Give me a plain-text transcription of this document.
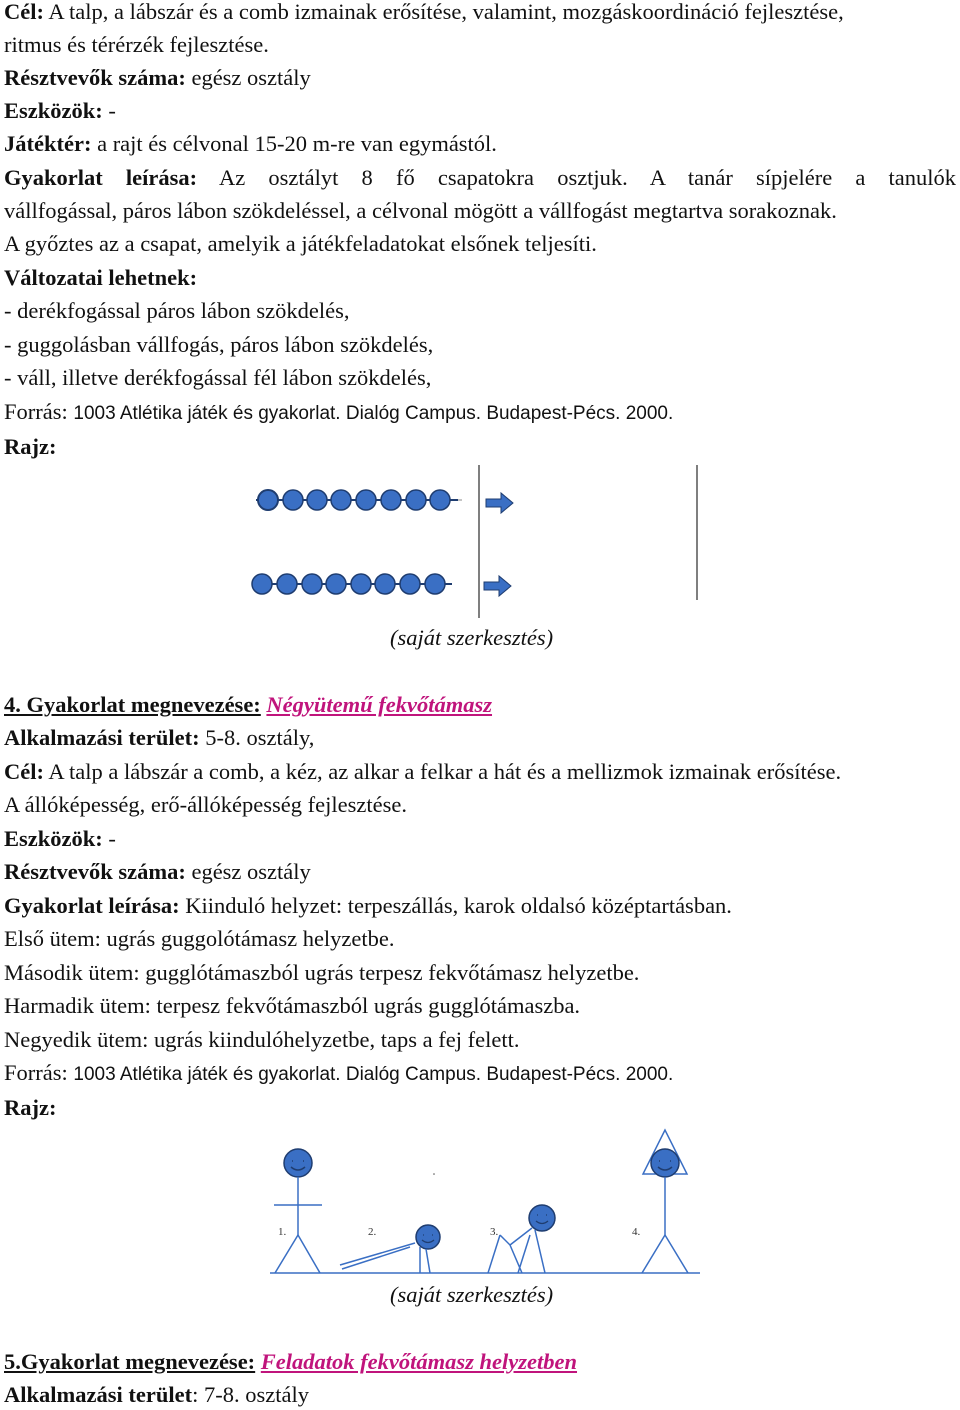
Cél: A talp, a lábszár és a comb izmainak erősítése, valamint, mozgáskoordináció fejlesztése,
ritmus és térérzék fejlesztése.
Résztvevők száma: egész osztály
Eszközök: -
Játéktér: a rajt és célvonal 15-20 m-re van egymástól.
Gyakorlat leírása: Az osztályt 8 fő csapatokra osztjuk. A tanár sípjelére a tanulók
vállfogással, páros lábon szökdeléssel, a célvonal mögött a vállfogást megtartva sorakoznak.
A győztes az a csapat, amelyik a játékfeladatokat elsőnek teljesíti.
Változatai lehetnek:
- derékfogással páros lábon szökdelés,
- guggolásban vállfogás, páros lábon szökdelés,
- váll, illetve derékfogással fél lábon szökdelés,
Forrás: 1003 Atlétika játék és gyakorlat. Dialóg Campus. Budapest-Pécs. 2000.
Rajz:
(saját szerkesztés)
4. Gyakorlat megnevezése: Négyütemű fekvőtámasz
Alkalmazási terület: 5-8. osztály,
Cél: A talp a lábszár a comb, a kéz, az alkar a felkar a hát és a mellizmok izmainak erősítése.
A állóképesség, erő-állóképesség fejlesztése.
Eszközök: -
Résztvevők száma: egész osztály
Gyakorlat leírása: Kiinduló helyzet: terpeszállás, karok oldalsó középtartásban.
Első ütem: ugrás guggolótámasz helyzetbe.
Második ütem: gugglótámaszból ugrás terpesz fekvőtámasz helyzetbe.
Harmadik ütem: terpesz fekvőtámaszból ugrás gugglótámaszba.
Negyedik ütem: ugrás kiindulóhelyzetbe, taps a fej felett.
Forrás: 1003 Atlétika játék és gyakorlat. Dialóg Campus. Budapest-Pécs. 2000.
Rajz:
1.	2.	3.	4.
(saját szerkesztés)
5.Gyakorlat megnevezése: Feladatok fekvőtámasz helyzetben
Alkalmazási terület: 7-8. osztály
